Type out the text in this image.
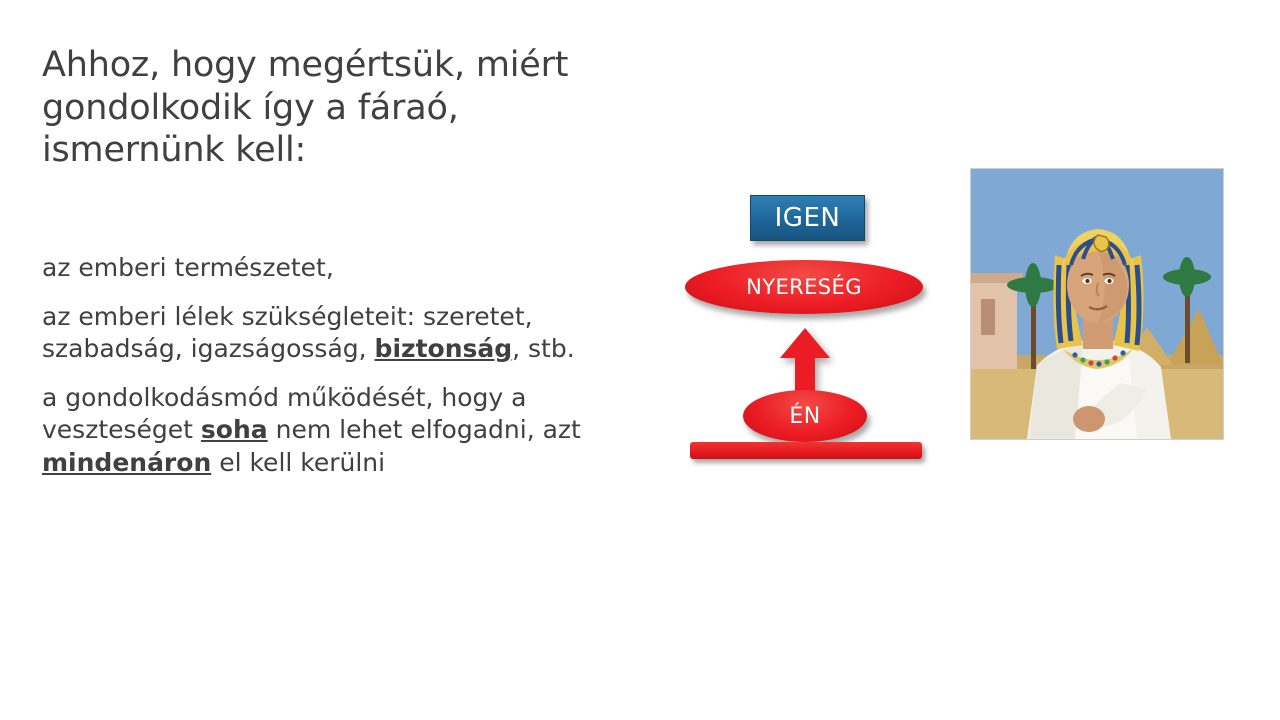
Ahhoz, hogy megértsük, miért gondolkodik így a fáraó, ismernünk kell:
az emberi természetet,
az emberi lélek szükségleteit: szeretet, szabadság, igazságosság, biztonság, stb.
a gondolkodásmód működését, hogy a veszteséget soha nem lehet elfogadni, azt mindenáron el kell kerülni
IGEN
NYERESÉG
ÉN
